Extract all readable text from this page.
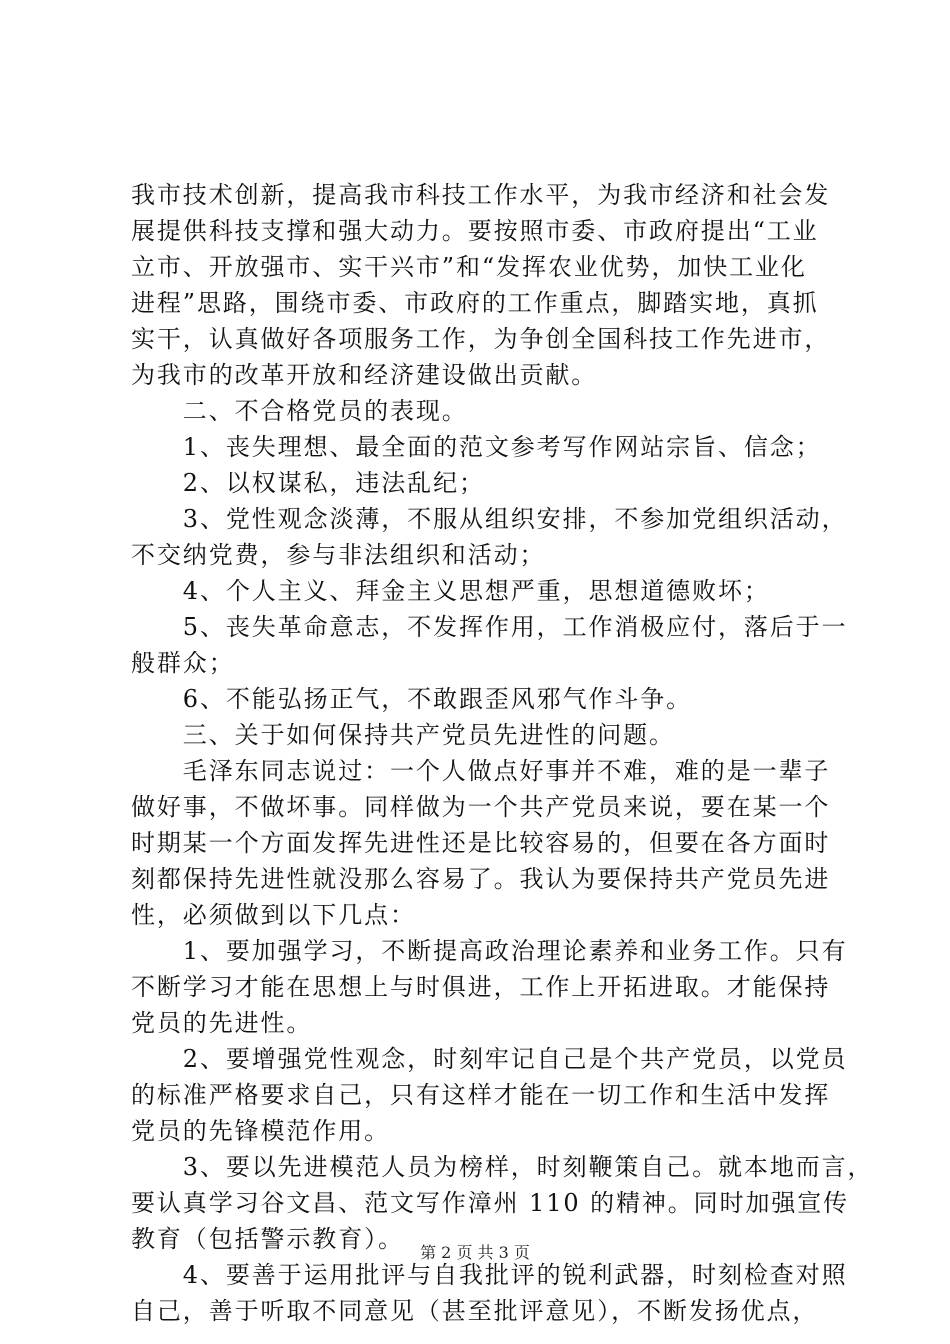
我市技术创新，提高我市科技工作水平，为我市经济和社会发
展提供科技支撑和强大动力。要按照市委、市政府提出“工业
立市、开放强市、实干兴市”和“发挥农业优势，加快工业化
进程”思路，围绕市委、市政府的工作重点，脚踏实地，真抓
实干，认真做好各项服务工作，为争创全国科技工作先进市，
为我市的改革开放和经济建设做出贡献。
　　二、不合格党员的表现。
　　1、丧失理想、最全面的范文参考写作网站宗旨、信念；
　　2、以权谋私，违法乱纪；
　　3、党性观念淡薄，不服从组织安排，不参加党组织活动，
不交纳党费，参与非法组织和活动；
　　4、个人主义、拜金主义思想严重，思想道德败坏；
　　5、丧失革命意志，不发挥作用，工作消极应付，落后于一
般群众；
　　6、不能弘扬正气，不敢跟歪风邪气作斗争。
　　三、关于如何保持共产党员先进性的问题。
　　毛泽东同志说过：一个人做点好事并不难，难的是一辈子
做好事，不做坏事。同样做为一个共产党员来说，要在某一个
时期某一个方面发挥先进性还是比较容易的，但要在各方面时
刻都保持先进性就没那么容易了。我认为要保持共产党员先进
性，必须做到以下几点：
　　1、要加强学习，不断提高政治理论素养和业务工作。只有
不断学习才能在思想上与时俱进，工作上开拓进取。才能保持
党员的先进性。
　　2、要增强党性观念，时刻牢记自己是个共产党员，以党员
的标准严格要求自己，只有这样才能在一切工作和生活中发挥
党员的先锋模范作用。
　　3、要以先进模范人员为榜样，时刻鞭策自己。就本地而言，
要认真学习谷文昌、范文写作漳州 110 的精神。同时加强宣传
教育（包括警示教育）。
　　4、要善于运用批评与自我批评的锐利武器，时刻检查对照
自己，善于听取不同意见（甚至批评意见），不断发扬优点，
第 2 页 共 3 页
